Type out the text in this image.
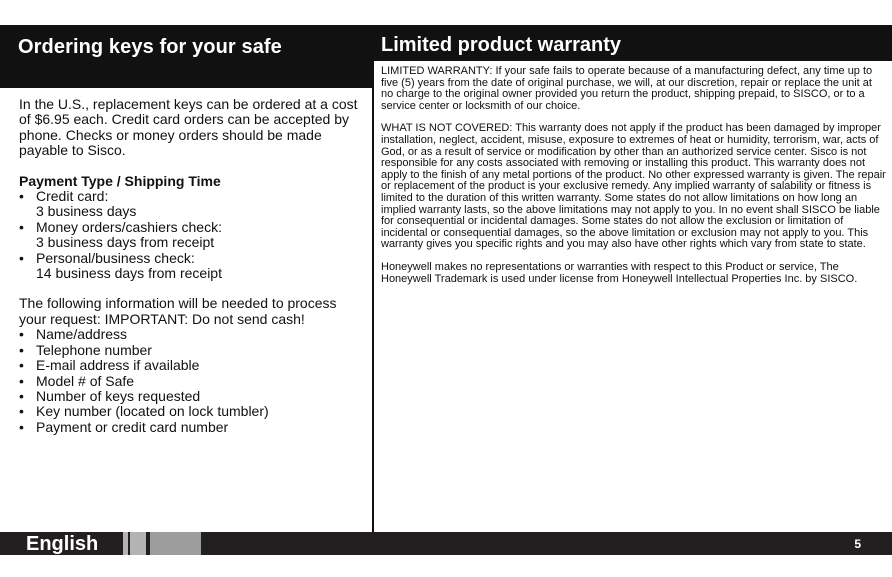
Ordering keys for your safe

In the U.S., replacement keys can be ordered at a cost of $6.95 each. Credit card orders can be accepted by phone. Checks or money orders should be made payable to Sisco.

Payment Type / Shipping Time

• Credit card:
3 business days
• Money orders/cashiers check:
3 business days from receipt
• Personal/business check:
14 business days from receipt

The following information will be needed to process your request: IMPORTANT: Do not send cash!

• Name/address
• Telephone number
• E-mail address if available
• Model # of Safe
• Number of keys requested
• Key number (located on lock tumbler)
• Payment or credit card number
Limited product warranty

LIMITED WARRANTY: If your safe fails to operate because of a manufacturing defect, any time up to five (5) years from the date of original purchase, we will, at our discretion, repair or replace the unit at no charge to the original owner provided you return the product, shipping prepaid, to SISCO, or to a service center or locksmith of our choice.

WHAT IS NOT COVERED: This warranty does not apply if the product has been damaged by improper installation, neglect, accident, misuse, exposure to extremes of heat or humidity, terrorism, war, acts of God, or as a result of service or modification by other than an authorized service center. Sisco is not responsible for any costs associated with removing or installing this product. This warranty does not apply to the finish of any metal portions of the product. No other expressed warranty is given. The repair or replacement of the product is your exclusive remedy. Any implied warranty of salability or fitness is limited to the duration of this written warranty. Some states do not allow limitations on how long an implied warranty lasts, so the above limitations may not apply to you. In no event shall SISCO be liable for consequential or incidental damages. Some states do not allow the exclusion or limitation of incidental or consequential damages, so the above limitation or exclusion may not apply to you. This warranty gives you specific rights and you may also have other rights which vary from state to state.

Honeywell makes no representations or warranties with respect to this Product or service, The Honeywell Trademark is used under license from Honeywell Intellectual Properties Inc. by SISCO.

English	5
